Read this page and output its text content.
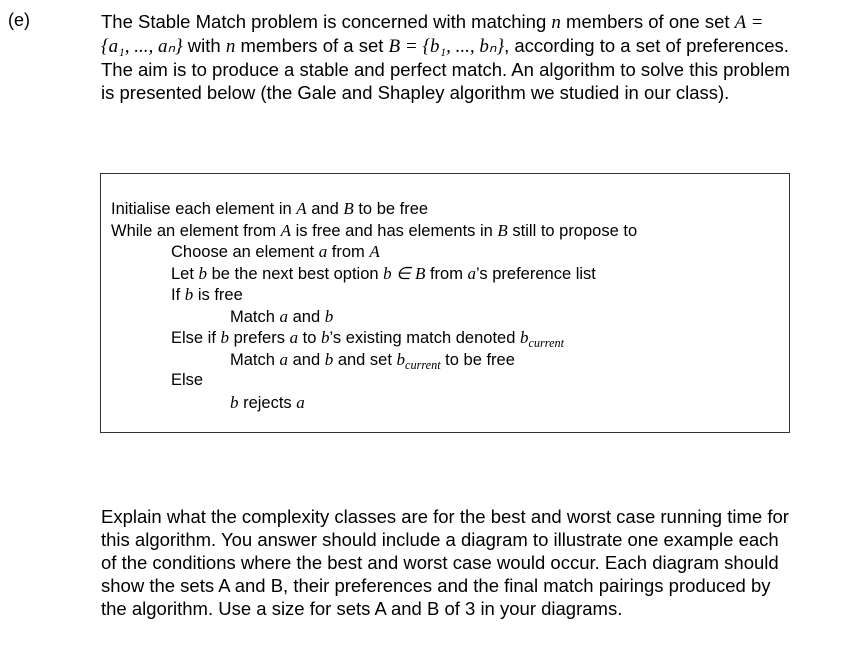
(e)	The Stable Match problem is concerned with matching n members of one set A = {a₁, ..., aₙ} with n members of a set B = {b₁, ..., bₙ}, according to a set of preferences. The aim is to produce a stable and perfect match. An algorithm to solve this problem is presented below (the Gale and Shapley algorithm we studied in our class).
Initialise each element in A and B to be free
While an element from A is free and has elements in B still to propose to
Choose an element a from A
Let b be the next best option b ∈ B from a’s preference list
If b is free
Match a and b
Else if b prefers a to b’s existing match denoted $b_{current}$
Match a and b and set $b_{current}$ to be free
Else
b rejects a
Explain what the complexity classes are for the best and worst case running time for this algorithm. You answer should include a diagram to illustrate one example each of the conditions where the best and worst case would occur. Each diagram should show the sets A and B, their preferences and the final match pairings produced by the algorithm. Use a size for sets A and B of 3 in your diagrams.
